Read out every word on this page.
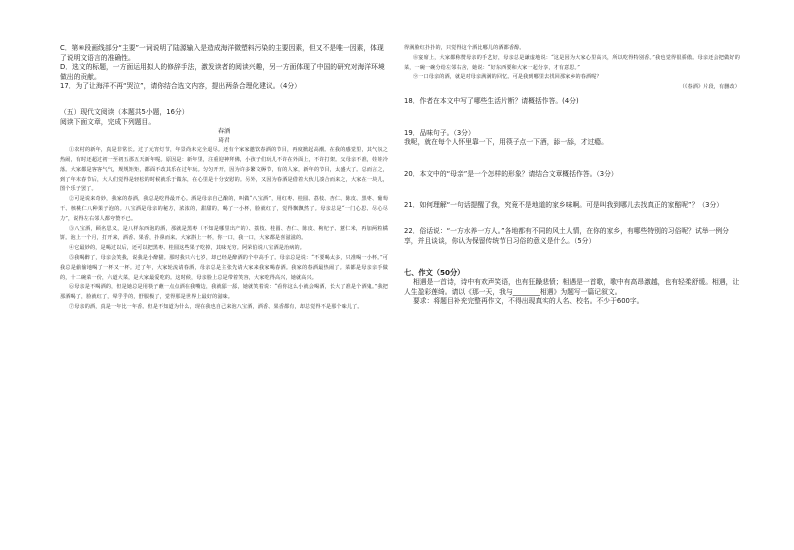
C．第⑥段画线部分“主要”一词说明了陆源输入是造成海洋微塑料污染的主要因素，但又不是唯一因素，体现了说明文语言的准确性。

D．选文的标题，一方面运用拟人的修辞手法，激发读者的阅读兴趣，另一方面体现了中国的研究对海洋环境做出的贡献。

17．为了让海洋不再“哭泣”，请你结合选文内容，提出两条合理化建议。（4分）

（五）现代文阅读（本题共5小题，16分）

阅读下面文章，完成下列题目。

春酒

琦君

①农村的新年，真是非常长。过了元宵灯节，年景尚未完全退尽。还有个家家邀饮春酒的节目，再度掀起高潮。在我的感觉里，其气氛之热闹，有时还超过初一至初五那五天新年呢。原因是：新年里，注重迎神拜佛，小孩子们玩儿不许在外面上，不许打架。父母亲不准，娃娃冷落。大家都是客客气气，规规矩矩，都面不改其乐在过年玩。匀匀开开，因为许多繁文缛节，有的人家，新年的节目，太盛大了。总而言之，到了年末春节后，大人们觉得是轻松的时候就乐于做东，在心里是十分安慰的。另外，又因为春酒是借着大伙儿凑合而来之，大家在一块儿，图个乐子罢了。

②可是说来奇妙，我家的春酒，我总是吃得最开心。酒是母亲自己酿的，叫做“八宝酒”，用红枣、桂圆、荔枝、杏仁、陈皮、黑枣、葡萄干、核桃仁八种果子泡的。八宝酒是母亲的秘方，浓浓的，甜甜的，喝了一小杯，脸就红了，觉得飘飘然了。母亲总是“一门心思、尽心尽力”，说得左右邻人都夸赞不已。

③八宝酒，顾名思义，是八样东西泡的酒，那就是黑枣（不知是哪里出产的）、荔枝、桂圆、杏仁、陈皮、枸杞子、薏仁米，再加两粒橘饼。泡上一个月，打开来，酒香、果香，扑鼻而来。大家斟上一杯，你一口，我一口，大家都是喜滋滋的。

④它最妙的，是喝过以后，还可以把黑枣、桂圆这些果子吃掉，其味无穷。阿荣伯说八宝酒是治病的。

⑤我喝醉了，母亲会笑我，说我是小醉猫。那时我只六七岁，却已经是醉酒的个中高手了。母亲总是说：“不要喝太多，只准喝一小杯。”可我总是偷偷地喝了一杯又一杯。过了年，大家轮流请春酒，母亲总是主张先请大家来我家喝春酒。我家的春酒最热闹了。菜都是母亲亲手做的，十二碗菜一份，六道大菜，是大家最爱吃的。这时候，母亲脸上总是带着笑容，大家吃得高兴，她就高兴。

⑥母亲是不喝酒的，但是她总是用筷子蘸一点点酒在我嘴边，我就舔一舔，她就笑着说：“看你这么小就会喝酒，长大了准是个酒鬼。”我把那酒喝了，脸就红了，晕乎乎的，舒服极了，觉得那是世界上最好的滋味。

⑦母亲的酒，真是一年比一年香。但是不知道为什么，现在我也自己来泡八宝酒，酒香、果香都有，却总觉得不是那个味儿了。

得满脸红扑扑的，只觉得这个酒比哪儿的酒都香醇。

⑧宴席上，大家都称赞母亲的手艺好，母亲总是谦虚地说：“这是因为大家心里高兴，所以吃得特别香。”我也觉得很骄傲。母亲还会把做好的菜，一碗一碗分给左邻右舍，她说：“好东西要和大家一起分享，才有意思。”

⑨一口母亲的酒，就是对母亲满满的回忆。可是我到哪里去找回那家乡的春酒呢？

（《春酒》片段，有删改）

18．作者在本文中写了哪些生活片断？请概括作答。(4分)

19．品味句子。（3分）

我呢，就在每个人怀里靠一下，用筷子点一下酒，舔一舔，才过瘾。

20．本文中的“母亲”是一个怎样的形象？请结合文章概括作答。（3分）

21．如何理解“一句话提醒了我，究竟不是地道的家乡味啊。可是叫我到哪儿去找真正的家醅呢”？（3分）

22．俗话说：“一方水养一方人。”各地都有不同的风土人情，在你的家乡，有哪些特别的习俗呢？试举一例分享，并且谈谈，你认为保留传统节日习俗的意义是什么。（5分）

七、作文（50分）

相遇是一首诗，诗中有欢声笑语，也有狂躁悲愤；相遇是一首歌，歌中有高昂激越，也有轻柔舒缓。相遇，让人生盈彩莲绮。请以《那一天，我与________相遇》为题写一篇记叙文。

要求：将题目补充完整再作文，不得出现真实的人名、校名。不少于600字。
